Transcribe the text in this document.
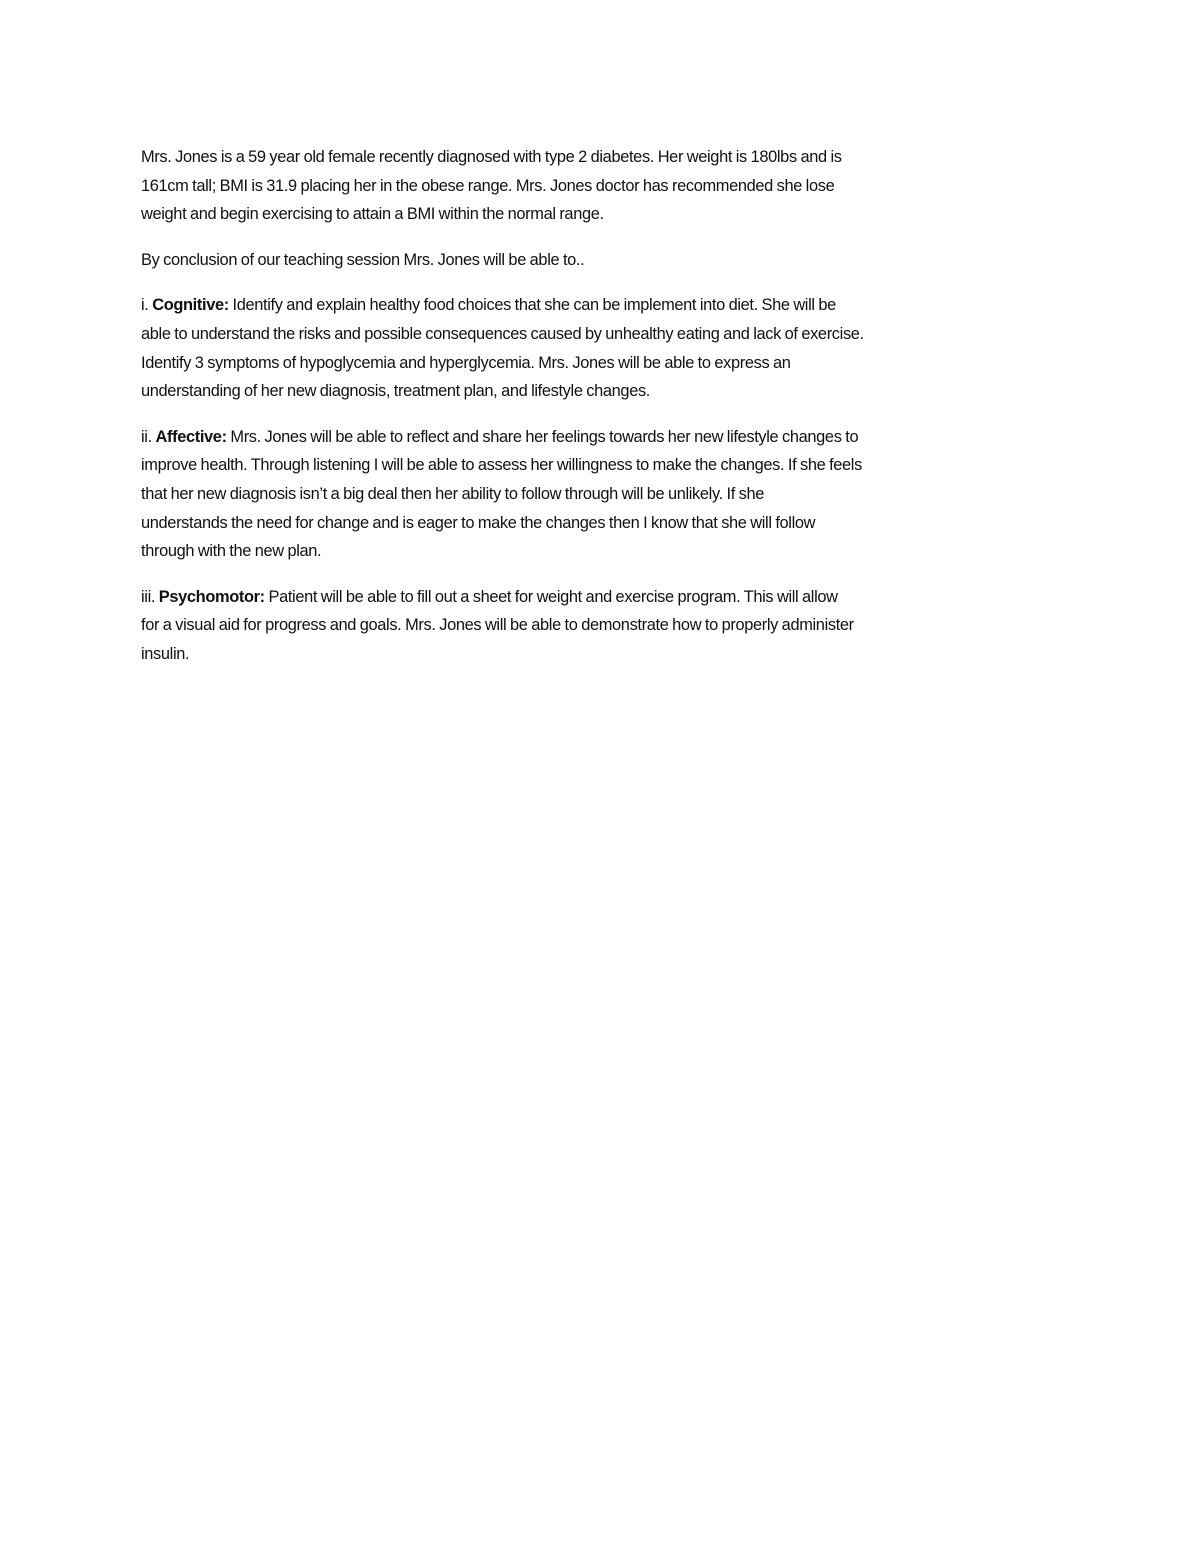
Mrs. Jones is a 59 year old female recently diagnosed with type 2 diabetes. Her weight is 180lbs and is
161cm tall; BMI is 31.9 placing her in the obese range. Mrs. Jones doctor has recommended she lose
weight and begin exercising to attain a BMI within the normal range.

By conclusion of our teaching session Mrs. Jones will be able to..

i. Cognitive: Identify and explain healthy food choices that she can be implement into diet. She will be
able to understand the risks and possible consequences caused by unhealthy eating and lack of exercise.
Identify 3 symptoms of hypoglycemia and hyperglycemia. Mrs. Jones will be able to express an
understanding of her new diagnosis, treatment plan, and lifestyle changes.

ii. Affective: Mrs. Jones will be able to reflect and share her feelings towards her new lifestyle changes to
improve health. Through listening I will be able to assess her willingness to make the changes. If she feels
that her new diagnosis isn’t a big deal then her ability to follow through will be unlikely. If she
understands the need for change and is eager to make the changes then I know that she will follow
through with the new plan.

iii. Psychomotor: Patient will be able to fill out a sheet for weight and exercise program. This will allow
for a visual aid for progress and goals. Mrs. Jones will be able to demonstrate how to properly administer
insulin.
